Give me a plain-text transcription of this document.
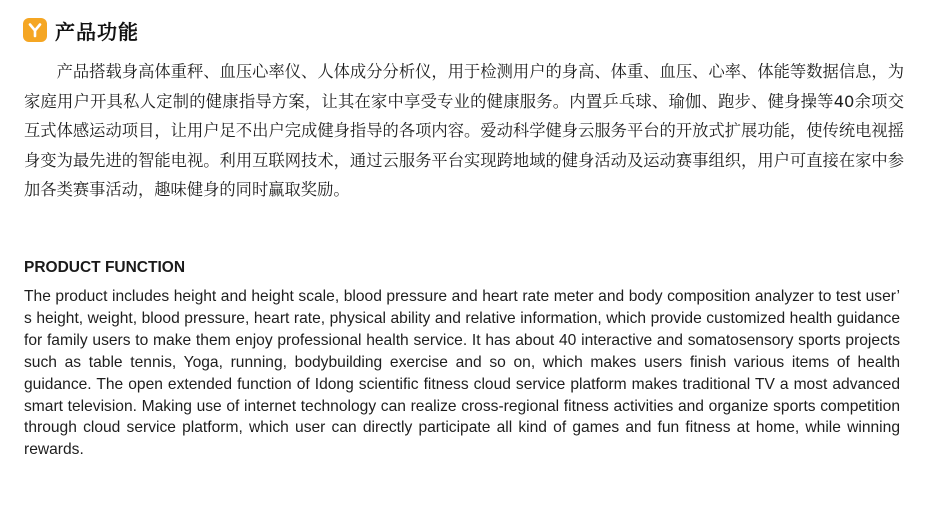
产品功能

产品搭载身高体重秤、血压心率仪、人体成分分析仪，用于检测用户的身高、体重、血压、心率、体能等数据信息，为家庭用户开具私人定制的健康指导方案，让其在家中享受专业的健康服务。内置乒乓球、瑜伽、跑步、健身操等40余项交互式体感运动项目，让用户足不出户完成健身指导的各项内容。爱动科学健身云服务平台的开放式扩展功能，使传统电视摇身变为最先进的智能电视。利用互联网技术，通过云服务平台实现跨地域的健身活动及运动赛事组织，用户可直接在家中参加各类赛事活动，趣味健身的同时赢取奖励。

PRODUCT FUNCTION

The product includes height and height scale, blood pressure and heart rate meter and body composition analyzer to test user’ s height, weight, blood pressure, heart rate, physical ability and relative information, which provide customized health guidance for family users to make them enjoy professional health service. It has about 40 interactive and somatosensory sports projects such as table tennis, Yoga, running, bodybuilding exercise and so on, which makes users finish various items of health guidance. The open extended function of Idong scientific fitness cloud service platform makes traditional TV a most advanced smart television. Making use of internet technology can realize cross-regional fitness activities and organize sports competition through cloud service platform, which user can directly participate all kind of games and fun fitness at home, while winning rewards.
